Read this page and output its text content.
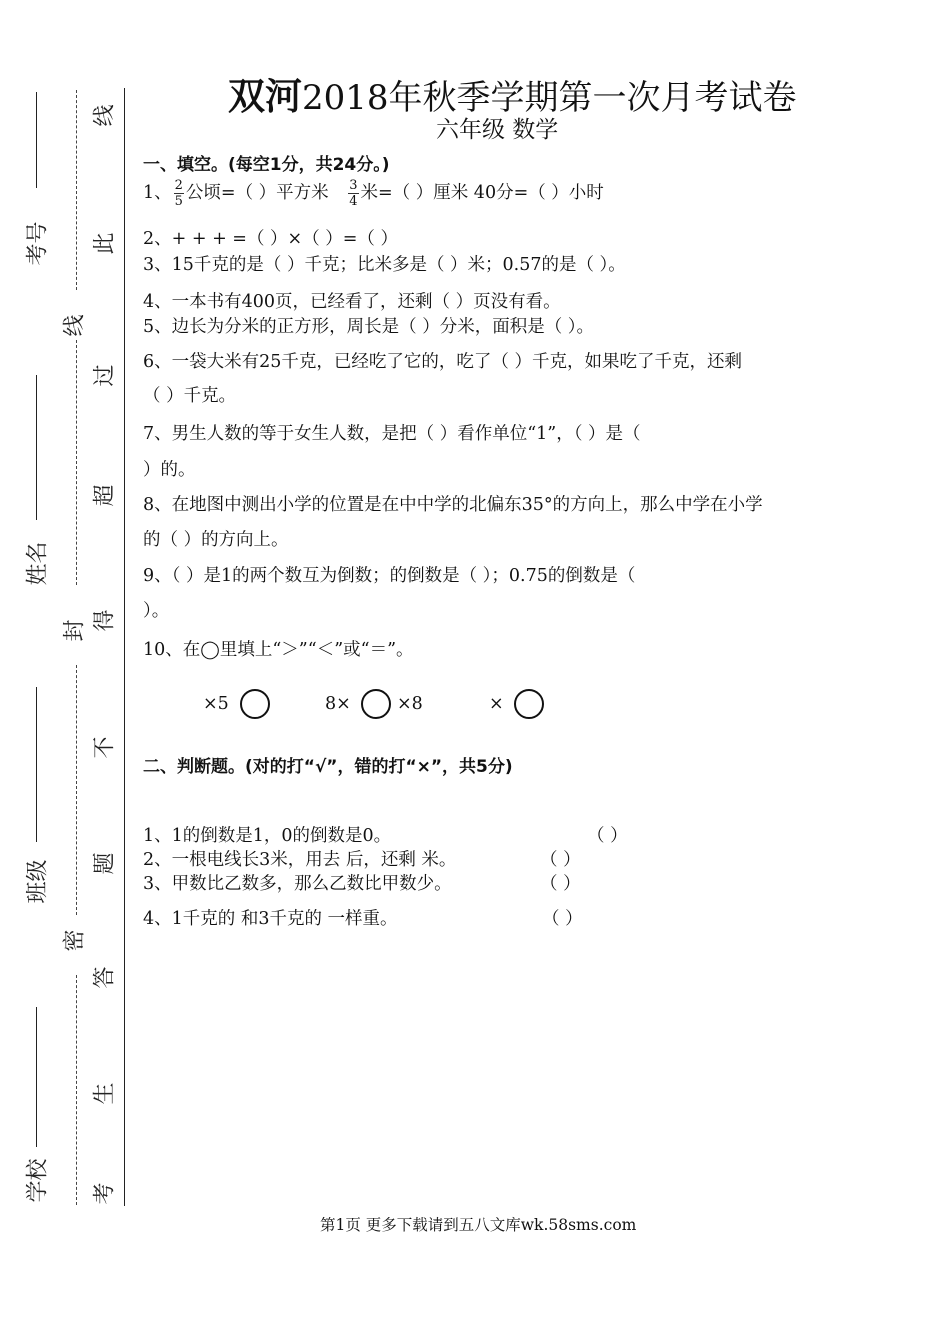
考号
姓名
班级
学校
线
此
线
过
超
封 得
不
题
密
答
生
考
双河2018年秋季学期第一次月考试卷
六年级 数学
一、填空。(每空1分，共24分。)
1、 $\frac{2}{5}$ 公顷=（ ）平方米 $\frac{3}{4}$ 米=（ ）厘米 40分=（ ）小时
2、+ + + =（ ）×（ ）=（ ）
3、15千克的是（ ）千克；比米多是（ ）米；0.57的是（ ）。
4、一本书有400页，已经看了，还剩（ ）页没有看。
5、边长为分米的正方形，周长是（ ）分米，面积是（ ）。
6、一袋大米有25千克，已经吃了它的，吃了（ ）千克，如果吃了千克，还剩
（ ）千克。
7、男生人数的等于女生人数，是把（ ）看作单位“1”，（ ）是（
）的。
8、在地图中测出小学的位置是在中中学的北偏东35°的方向上，那么中学在小学
的（ ）的方向上。
9、（ ）是1的两个数互为倒数；的倒数是（ ）；0.75的倒数是（
）。
10、在◯里填上“＞”“＜”或“＝”。
×5	8×	×8	×
二、判断题。(对的打“√”，错的打“×”，共5分)
1、1的倒数是1，0的倒数是0。	（ ）
2、一根电线长3米，用去 后，还剩 米。	（ ）
3、甲数比乙数多，那么乙数比甲数少。	（ ）
4、1千克的 和3千克的 一样重。	（ ）
第1页 更多下载请到五八文库wk.58sms.com
